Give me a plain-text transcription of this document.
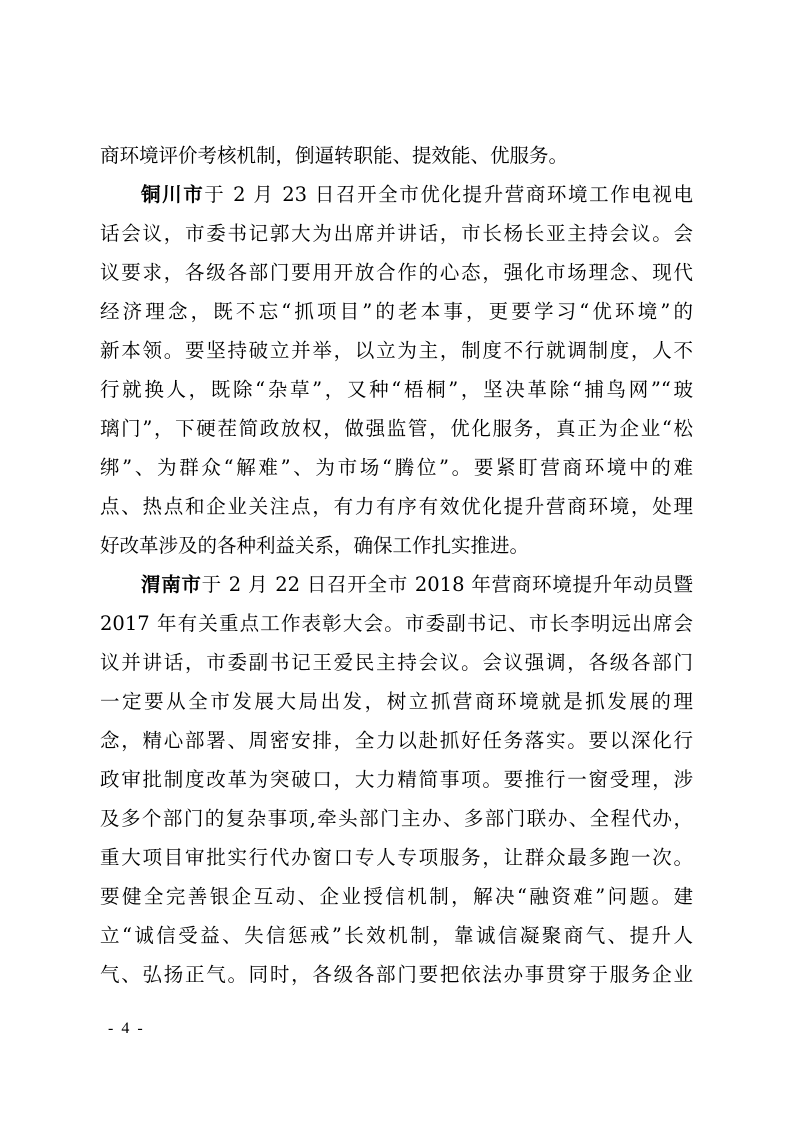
商环境评价考核机制，倒逼转职能、提效能、优服务。
铜川市于 2 月 23 日召开全市优化提升营商环境工作电视电
话会议，市委书记郭大为出席并讲话，市长杨长亚主持会议。会
议要求，各级各部门要用开放合作的心态，强化市场理念、现代
经济理念，既不忘“抓项目”的老本事，更要学习“优环境”的
新本领。要坚持破立并举，以立为主，制度不行就调制度，人不
行就换人，既除“杂草”，又种“梧桐”，坚决革除“捕鸟网”“玻
璃门”，下硬茬简政放权，做强监管，优化服务，真正为企业“松
绑”、为群众“解难”、为市场“腾位”。要紧盯营商环境中的难
点、热点和企业关注点，有力有序有效优化提升营商环境，处理
好改革涉及的各种利益关系，确保工作扎实推进。
渭南市于 2 月 22 日召开全市 2018 年营商环境提升年动员暨
2017 年有关重点工作表彰大会。市委副书记、市长李明远出席会
议并讲话，市委副书记王爱民主持会议。会议强调，各级各部门
一定要从全市发展大局出发，树立抓营商环境就是抓发展的理
念，精心部署、周密安排，全力以赴抓好任务落实。要以深化行
政审批制度改革为突破口，大力精简事项。要推行一窗受理，涉
及多个部门的复杂事项,牵头部门主办、多部门联办、全程代办，
重大项目审批实行代办窗口专人专项服务，让群众最多跑一次。
要健全完善银企互动、企业授信机制，解决“融资难”问题。建
立“诚信受益、失信惩戒”长效机制，靠诚信凝聚商气、提升人
气、弘扬正气。同时，各级各部门要把依法办事贯穿于服务企业
- 4 -
